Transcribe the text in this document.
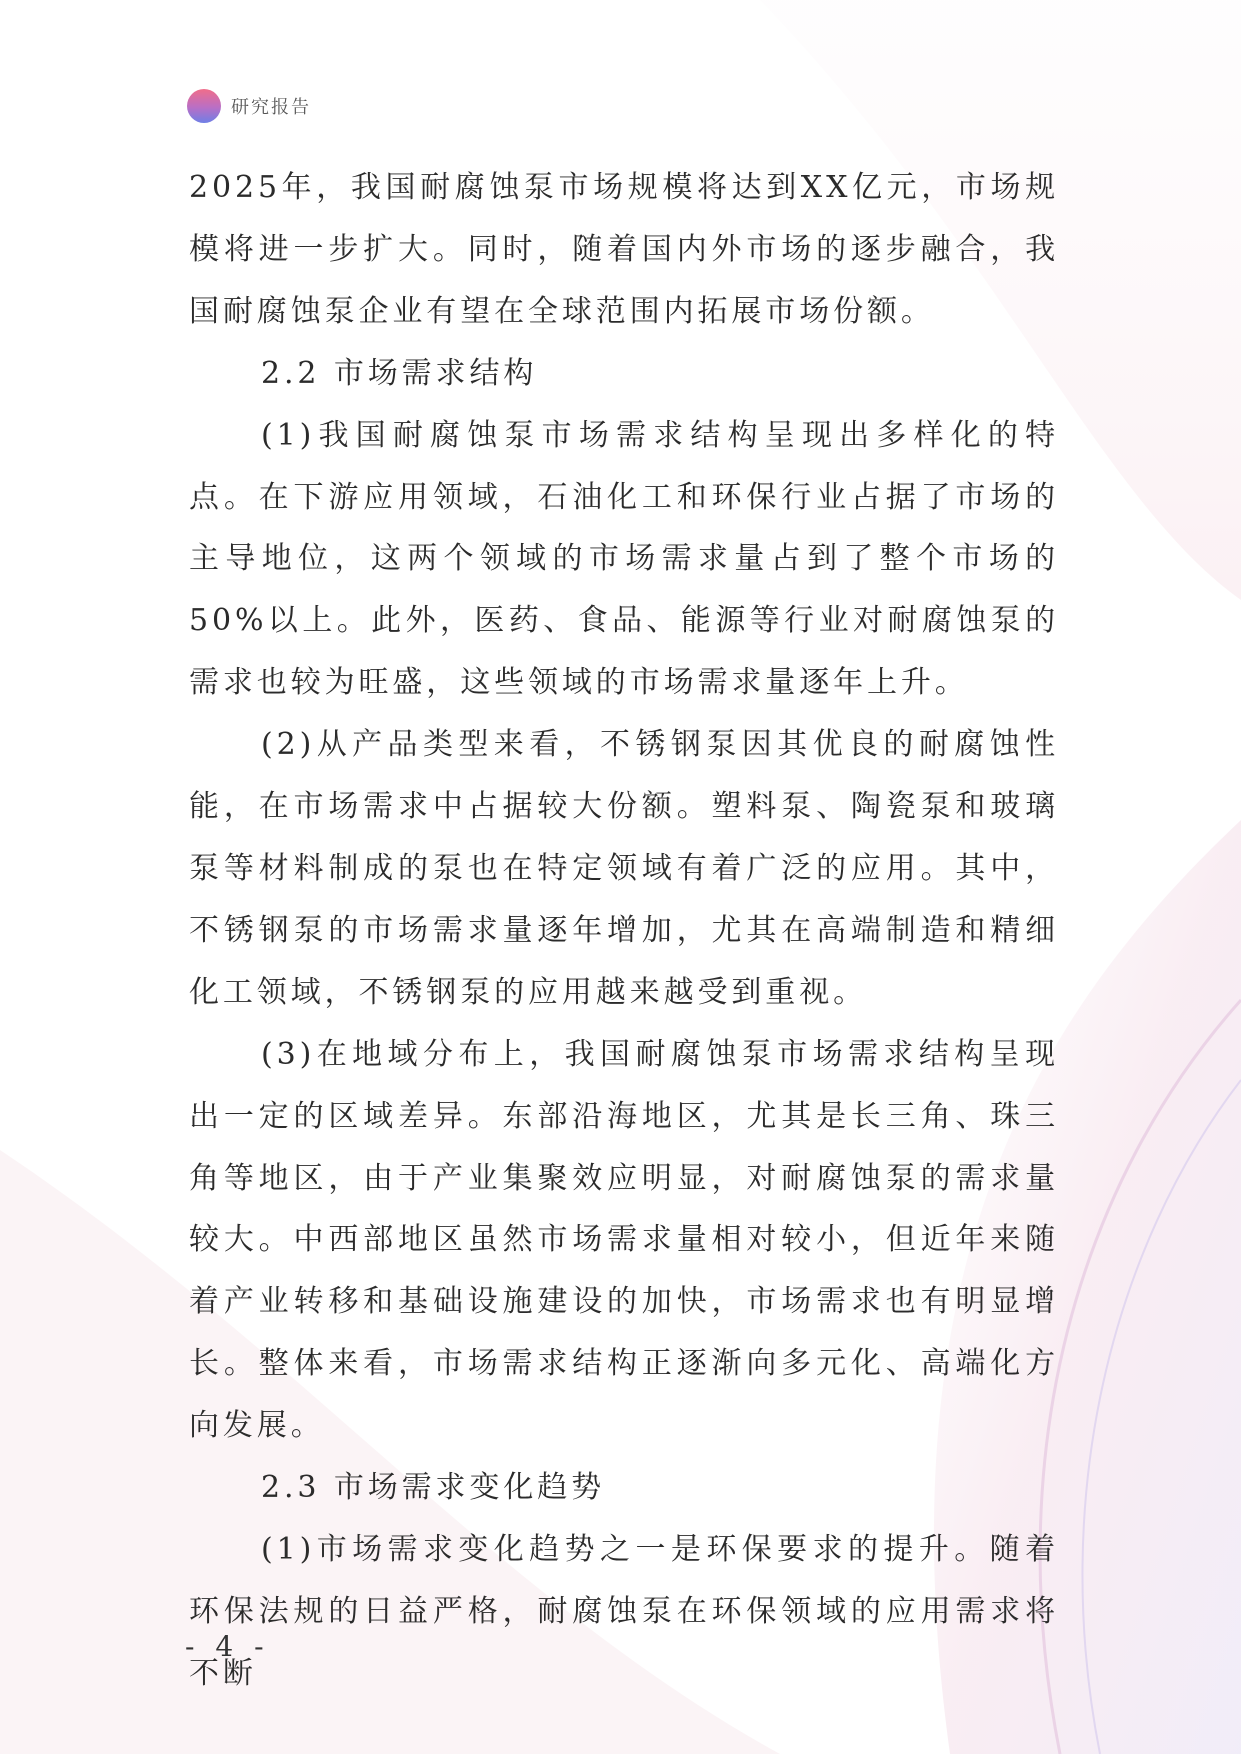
研究报告

2025年，我国耐腐蚀泵市场规模将达到XX亿元，市场规模将进一步扩大。同时，随着国内外市场的逐步融合，我国耐腐蚀泵企业有望在全球范围内拓展市场份额。

2.2 市场需求结构

(1)我国耐腐蚀泵市场需求结构呈现出多样化的特点。在下游应用领域，石油化工和环保行业占据了市场的主导地位，这两个领域的市场需求量占到了整个市场的50%以上。此外，医药、食品、能源等行业对耐腐蚀泵的需求也较为旺盛，这些领域的市场需求量逐年上升。

(2)从产品类型来看，不锈钢泵因其优良的耐腐蚀性能，在市场需求中占据较大份额。塑料泵、陶瓷泵和玻璃泵等材料制成的泵也在特定领域有着广泛的应用。其中，不锈钢泵的市场需求量逐年增加，尤其在高端制造和精细化工领域，不锈钢泵的应用越来越受到重视。

(3)在地域分布上，我国耐腐蚀泵市场需求结构呈现出一定的区域差异。东部沿海地区，尤其是长三角、珠三角等地区，由于产业集聚效应明显，对耐腐蚀泵的需求量较大。中西部地区虽然市场需求量相对较小，但近年来随着产业转移和基础设施建设的加快，市场需求也有明显增长。整体来看，市场需求结构正逐渐向多元化、高端化方向发展。

2.3 市场需求变化趋势

(1)市场需求变化趋势之一是环保要求的提升。随着环保法规的日益严格，耐腐蚀泵在环保领域的应用需求将不断

- 4 -
